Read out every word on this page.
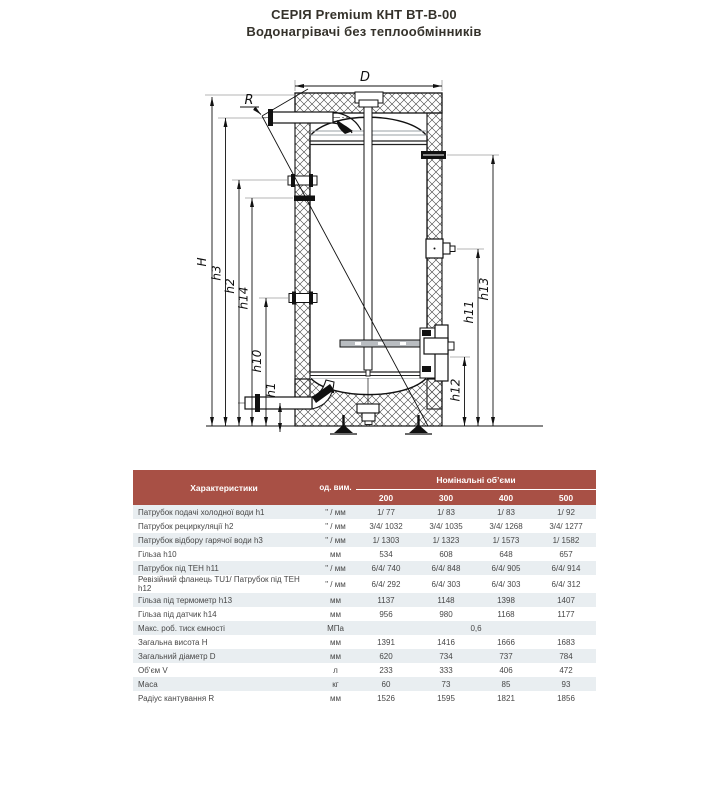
СЕРІЯ Premium КНТ ВТ-В-00
Водонагрівачі без теплообмінників
D
R
H
h3
h2
h14
h10
h1	h12
h11
h13
Характеристики	од. вим.	Номінальні об’єми			
		200	300	400	500
Патрубок подачі холодної води h1	" / мм	1/ 77	1/ 83	1/ 83	1/ 92
Патрубок рециркуляції h2	" / мм	3/4/ 1032	3/4/ 1035	3/4/ 1268	3/4/ 1277
Патрубок відбору гарячої води h3	" / мм	1/ 1303	1/ 1323	1/ 1573	1/ 1582
Гільза h10	мм	534	608	648	657
Патрубок під ТЕН h11	" / мм	6/4/ 740	6/4/ 848	6/4/ 905	6/4/ 914
Ревізійний фланець TU1/ Патрубок під ТЕН h12	" / мм	6/4/ 292	6/4/ 303	6/4/ 303	6/4/ 312
Гільза під термометр h13	мм	1137	1148	1398	1407
Гільза під датчик h14	мм	956	980	1168	1177
Макс. роб. тиск ємності	МПа	0,6			
Загальна висота H	мм	1391	1416	1666	1683
Загальний діаметр D	мм	620	734	737	784
Об’єм V	л	233	333	406	472
Маса	кг	60	73	85	93
Радіус кантування R	мм	1526	1595	1821	1856
